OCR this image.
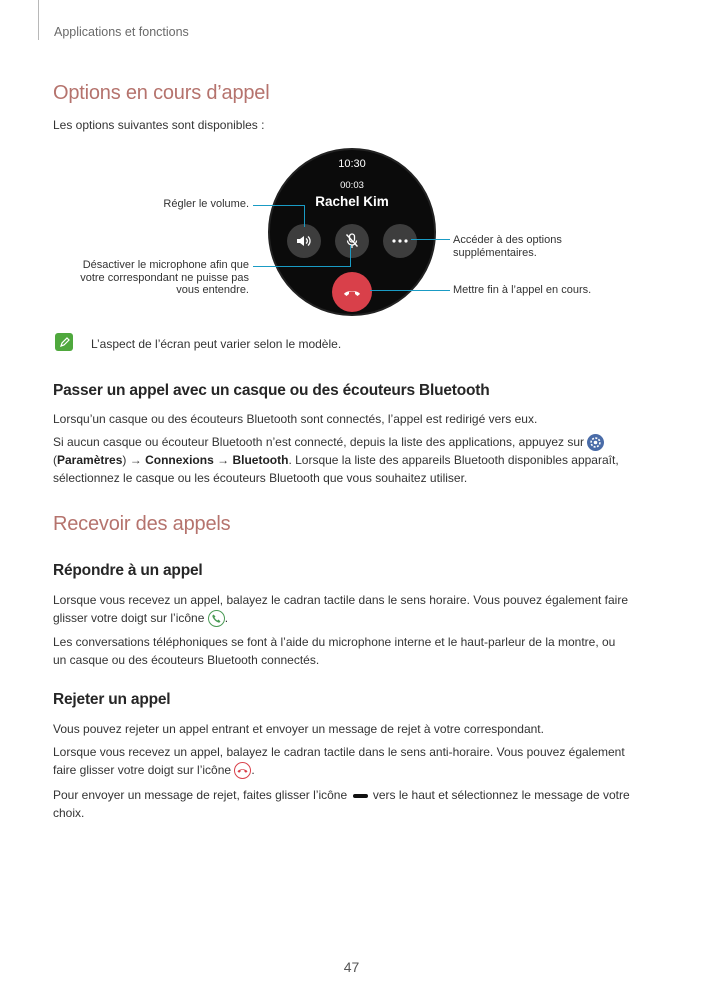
Applications et fonctions
Options en cours d’appel
Les options suivantes sont disponibles :
10:30
00:03
Rachel Kim
Régler le volume.
Désactiver le microphone afin que
votre correspondant ne puisse pas
vous entendre.
Accéder à des options
supplémentaires.
Mettre fin à l’appel en cours.
L’aspect de l’écran peut varier selon le modèle.
Passer un appel avec un casque ou des écouteurs Bluetooth
Lorsqu’un casque ou des écouteurs Bluetooth sont connectés, l’appel est redirigé vers eux.
Si aucun casque ou écouteur Bluetooth n’est connecté, depuis la liste des applications, appuyez sur
(Paramètres) → Connexions → Bluetooth. Lorsque la liste des appareils Bluetooth disponibles apparaît,
sélectionnez le casque ou les écouteurs Bluetooth que vous souhaitez utiliser.
Recevoir des appels
Répondre à un appel
Lorsque vous recevez un appel, balayez le cadran tactile dans le sens horaire. Vous pouvez également faire
glisser votre doigt sur l’icône .
Les conversations téléphoniques se font à l’aide du microphone interne et le haut-parleur de la montre, ou
un casque ou des écouteurs Bluetooth connectés.
Rejeter un appel
Vous pouvez rejeter un appel entrant et envoyer un message de rejet à votre correspondant.
Lorsque vous recevez un appel, balayez le cadran tactile dans le sens anti-horaire. Vous pouvez également
faire glisser votre doigt sur l’icône .
Pour envoyer un message de rejet, faites glisser l’icône vers le haut et sélectionnez le message de votre
choix.
47
